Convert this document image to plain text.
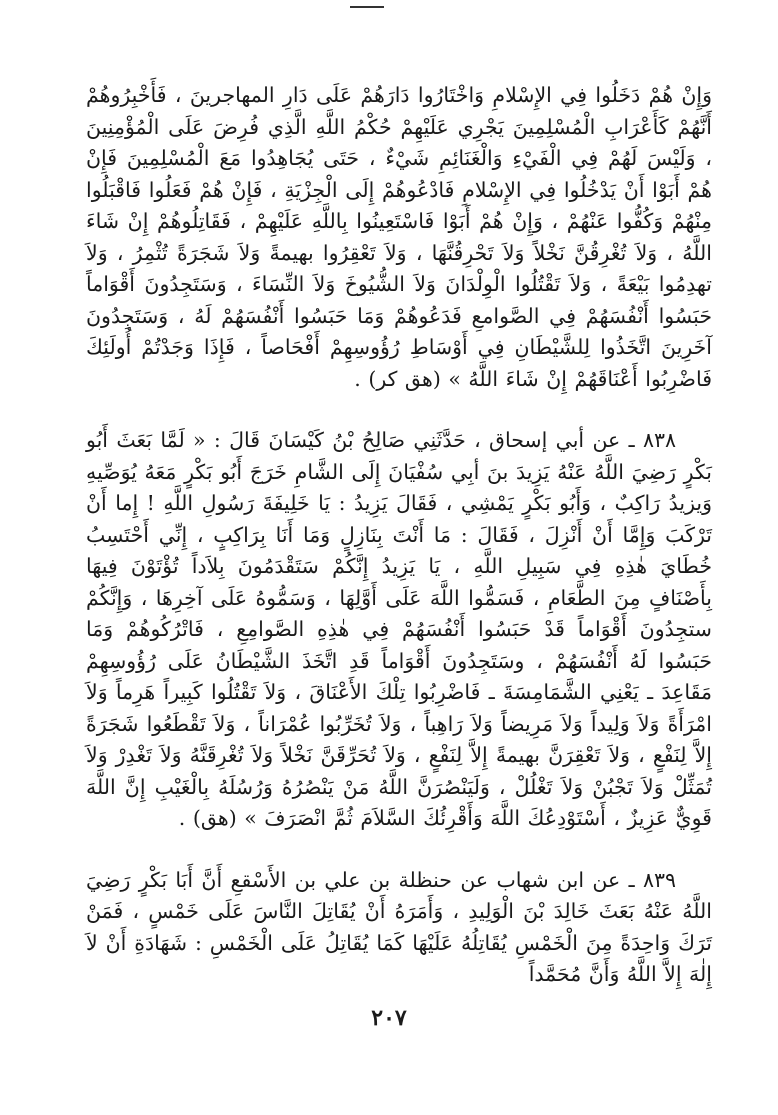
وَإِنْ هُمْ دَخَلُوا فِي الإِسْلامِ وَاخْتَارُوا دَارَهُمْ عَلَى دَارِ المهاجرينَ ، فَأَخْبِرُوهُمْ أَنَّهُمْ كَأَعْرَابِ الْمُسْلِمِينَ يَجْرِي عَلَيْهِمْ حُكْمُ اللَّهِ الَّذِي فُرِضَ عَلَى الْمُؤْمِنِينَ ، وَلَيْسَ لَهُمْ فِي الْفَيْءِ وَالْغَنَائِمِ شَيْءٌ ، حَتَى يُجَاهِدُوا مَعَ الْمُسْلِمِينَ فَإِنْ هُمْ أَبَوْا أَنْ يَدْخُلُوا فِي الإِسْلامِ فَادْعُوهُمْ إِلَى الْجِزْيَةِ ، فَإِنْ هُمْ فَعَلُوا فَاقْبَلُوا مِنْهُمْ وَكُفُّوا عَنْهُمْ ، وَإِنْ هُمْ أَبَوْا فَاسْتَعِينُوا بِاللَّهِ عَلَيْهِمْ ، فَقَاتِلُوهُمْ إِنْ شَاءَ اللَّهُ ، وَلاَ تُغْرِقُنَّ نَخْلاً وَلاَ تَحْرِقُنَّهَا ، وَلاَ تَعْقِرُوا بهيمةً وَلاَ شَجَرَةً تُثْمِرُ ، وَلاَ تهدِمُوا بَيْعَةً ، وَلاَ تَقْتُلُوا الْوِلْدَانَ وَلاَ الشُّيُوخَ وَلاَ النِّسَاءَ ، وَسَتَجِدُونَ أَقْوَاماً حَبَسُوا أَنْفُسَهُمْ فِي الصَّوامعِ فَدَعُوهُمْ وَمَا حَبَسُوا أَنْفُسَهُمْ لَهُ ، وَسَتَجِدُونَ آخَرِينَ اتَّخَذُوا لِلشَّيْطَانِ فِي أَوْسَاطِ رُؤُوسِهِمْ أَفْحَاصاً ، فَإِذَا وَجَدْتُمْ أُولَئِكَ فَاضْرِبُوا أَعْنَاقَهُمْ إِنْ شَاءَ اللَّهُ » (هق كر) .

٨٣٨ ـ عن أبي إسحاق ، حَدَّثَنِي صَالِحُ بْنُ كَيْسَانَ قَالَ : « لَمَّا بَعَثَ أَبُو بَكْرٍ رَضِيَ اللَّهُ عَنْهُ يَزِيدَ بنَ أبِي سُفْيَانَ إِلَى الشَّامِ خَرَجَ أَبُو بَكْرٍ مَعَهُ يُوَصِّيهِ وَيزيدُ رَاكِبٌ ، وَأَبُو بَكْرٍ يَمْشِي ، فَقَالَ يَزِيدُ : يَا خَلِيفَةَ رَسُولِ اللَّهِ ! إِما أَنْ تَرْكَبَ وَإِمَّا أَنْ أَنْزِلَ ، فَقَالَ : مَا أَنْتَ بِنَازِلٍ وَمَا أَنَا بِرَاكِبٍ ، إِنِّي أَحْتَسِبُ خُطَايَ هٰذِهِ فِي سَبِيلِ اللَّهِ ، يَا يَزِيدُ إِنَّكُمْ سَتَقْدَمُونَ بِلاَداً تُؤْتَوْنَ فِيهَا بِأَصْنَافٍ مِنَ الطَّعَامِ ، فَسَمُّوا اللَّهَ عَلَى أَوَّلِهَا ، وَسَمُّوهُ عَلَى آخِرِهَا ، وَإِنَّكُمْ ستجِدُونَ أَقْوَاماً قَدْ حَبَسُوا أَنْفُسَهُمْ فِي هٰذِهِ الصَّوامِعِ ، فَاتْرُكُوهُمْ وَمَا حَبَسُوا لَهُ أَنْفُسَهُمْ ، وسَتَجِدُونَ أَقْوَاماً قَدِ اتَّخَذَ الشَّيْطَانُ عَلَى رُؤُوسِهِمْ مَقَاعِدَ ـ يَعْنِي الشَّمَامِسَةَ ـ فَاضْرِبُوا تِلْكَ الأَعْنَاقَ ، وَلاَ تَقْتُلُوا كَبِيراً هَرِماً وَلاَ امْرَأَةً وَلاَ وَلِيداً وَلاَ مَرِيضاً وَلاَ رَاهِباً ، وَلاَ تُخَرِّبُوا عُمْرَاناً ، وَلاَ تَقْطَعُوا شَجَرَةً إِلاَّ لِنَفْعٍ ، وَلاَ تَعْقِرَنَّ بهيمةً إِلاَّ لِنَفْعٍ ، وَلاَ تُحَرِّقَنَّ نَخْلاً وَلاَ تُغْرِقَنَّهُ وَلاَ تَغْدِرْ وَلاَ تُمَثِّلْ وَلاَ تَجْبُنْ وَلاَ تَغْلُلْ ، وَلَيَنْصُرَنَّ اللَّهُ مَنْ يَنْصُرُهُ وَرُسُلَهُ بِالْغَيْبِ إِنَّ اللَّهَ قَوِيٌّ عَزِيزٌ ، أَسْتَوْدِعُكَ اللَّهَ وَأَقْرِئُكَ السَّلاَمَ ثُمَّ انْصَرَفَ » (هق) .

٨٣٩ ـ عن ابن شهاب عن حنظلة بن علي بن الأَسْقعِ أَنَّ أَبَا بَكْرٍ رَضِيَ اللَّهُ عَنْهُ بَعَثَ خَالِدَ بْنَ الْوَلِيدِ ، وَأَمَرَهُ أَنْ يُقَاتِلَ النَّاسَ عَلَى خَمْسٍ ، فَمَنْ تَرَكَ وَاحِدَةً مِنَ الْخَمْسِ يُقَاتِلُهُ عَلَيْهَا كَمَا يُقَاتِلُ عَلَى الْخَمْسِ : شَهَادَةِ أَنْ لاَ إِلٰهَ إِلاَّ اللَّهُ وَأَنَّ مُحَمَّداً

٢٠٧
